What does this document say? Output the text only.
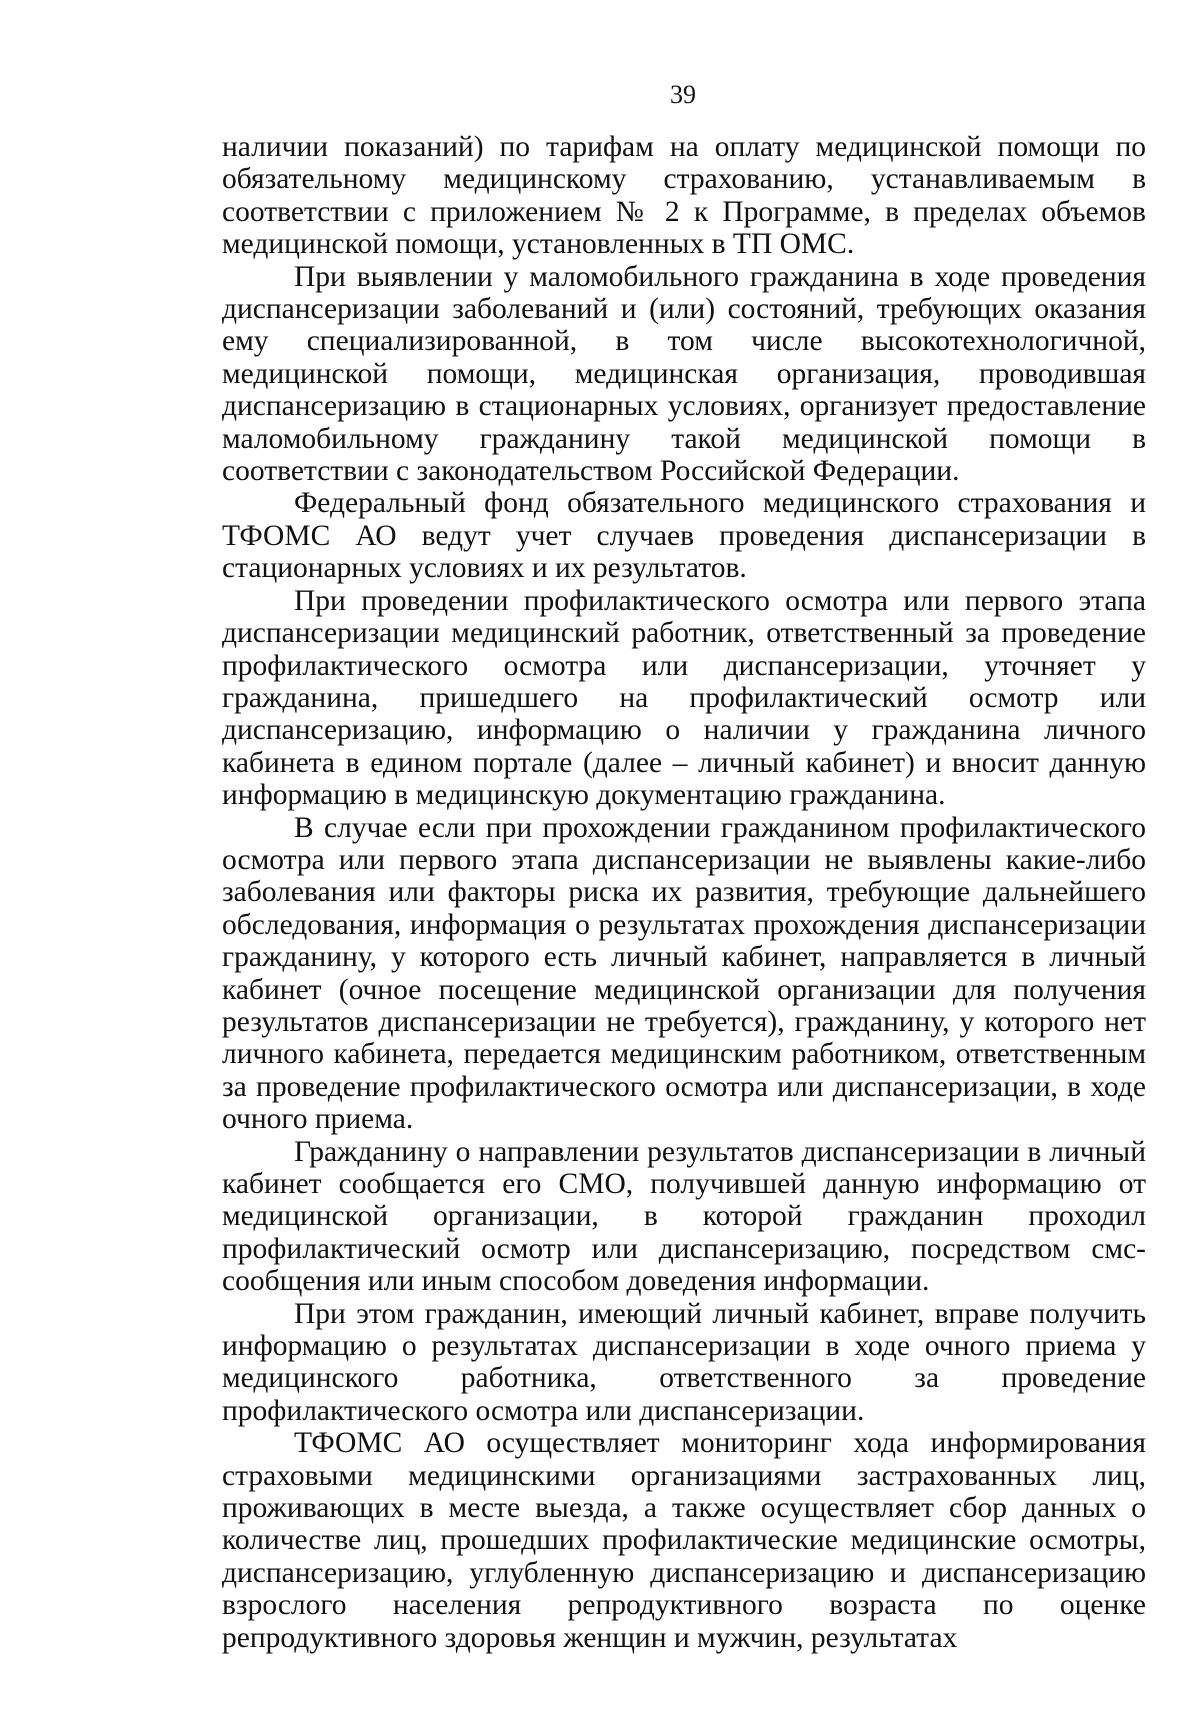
39

наличии показаний) по тарифам на оплату медицинской помощи по обязательному медицинскому страхованию, устанавливаемым в соответствии с приложением № 2 к Программе, в пределах объемов медицинской помощи, установленных в ТП ОМС.

При выявлении у маломобильного гражданина в ходе проведения диспансеризации заболеваний и (или) состояний, требующих оказания ему специализированной, в том числе высокотехнологичной, медицинской помощи, медицинская организация, проводившая диспансеризацию в стационарных условиях, организует предоставление маломобильному гражданину такой медицинской помощи в соответствии с законодательством Российской Федерации.

Федеральный фонд обязательного медицинского страхования и ТФОМС АО ведут учет случаев проведения диспансеризации в стационарных условиях и их результатов.

При проведении профилактического осмотра или первого этапа диспансеризации медицинский работник, ответственный за проведение профилактического осмотра или диспансеризации, уточняет у гражданина, пришедшего на профилактический осмотр или диспансеризацию, информацию о наличии у гражданина личного кабинета в едином портале (далее – личный кабинет) и вносит данную информацию в медицинскую документацию гражданина.

В случае если при прохождении гражданином профилактического осмотра или первого этапа диспансеризации не выявлены какие-либо заболевания или факторы риска их развития, требующие дальнейшего обследования, информация о результатах прохождения диспансеризации гражданину, у которого есть личный кабинет, направляется в личный кабинет (очное посещение медицинской организации для получения результатов диспансеризации не требуется), гражданину, у которого нет личного кабинета, передается медицинским работником, ответственным за проведение профилактического осмотра или диспансеризации, в ходе очного приема.

Гражданину о направлении результатов диспансеризации в личный кабинет сообщается его СМО, получившей данную информацию от медицинской организации, в которой гражданин проходил профилактический осмотр или диспансеризацию, посредством смс-сообщения или иным способом доведения информации.

При этом гражданин, имеющий личный кабинет, вправе получить информацию о результатах диспансеризации в ходе очного приема у медицинского работника, ответственного за проведение профилактического осмотра или диспансеризации.

ТФОМС АО осуществляет мониторинг хода информирования страховыми медицинскими организациями застрахованных лиц, проживающих в месте выезда, а также осуществляет сбор данных о количестве лиц, прошедших профилактические медицинские осмотры, диспансеризацию, углубленную диспансеризацию и диспансеризацию взрослого населения репродуктивного возраста по оценке репродуктивного здоровья женщин и мужчин, результатах
